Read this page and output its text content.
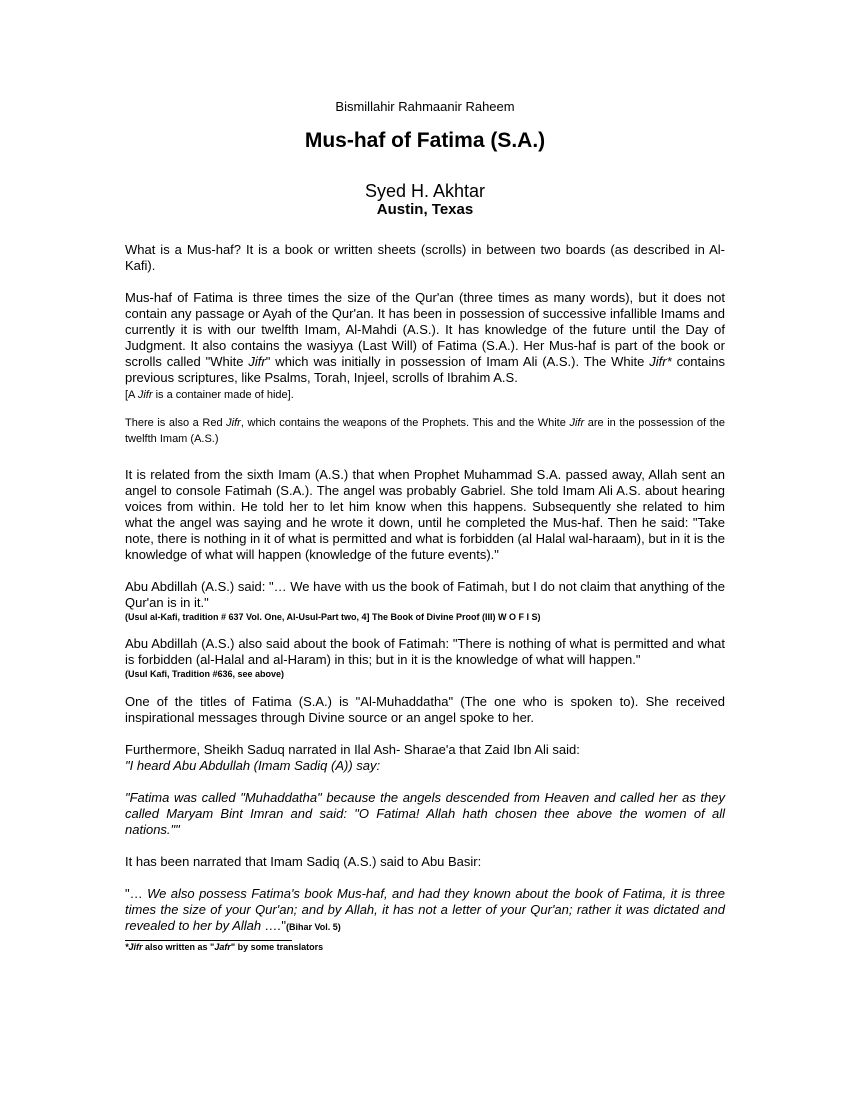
Bismillahir Rahmaanir Raheem
Mus-haf of Fatima (S.A.)
Syed H. Akhtar
Austin, Texas

What is a Mus-haf? It is a book or written sheets (scrolls) in between two boards (as described in Al-Kafi).

Mus-haf of Fatima is three times the size of the Qur'an (three times as many words), but it does not contain any passage or Ayah of the Qur'an. It has been in possession of successive infallible Imams and currently it is with our twelfth Imam, Al-Mahdi (A.S.). It has knowledge of the future until the Day of Judgment. It also contains the wasiyya (Last Will) of Fatima (S.A.). Her Mus-haf is part of the book or scrolls called "White Jifr" which was initially in possession of Imam Ali (A.S.). The White Jifr* contains previous scriptures, like Psalms, Torah, Injeel, scrolls of Ibrahim A.S.
[A Jifr is a container made of hide].

There is also a Red Jifr, which contains the weapons of the Prophets. This and the White Jifr are in the possession of the twelfth Imam (A.S.)

It is related from the sixth Imam (A.S.) that when Prophet Muhammad S.A. passed away, Allah sent an angel to console Fatimah (S.A.). The angel was probably Gabriel. She told Imam Ali A.S. about hearing voices from within. He told her to let him know when this happens. Subsequently she related to him what the angel was saying and he wrote it down, until he completed the Mus-haf. Then he said: "Take note, there is nothing in it of what is permitted and what is forbidden (al Halal wal-haraam), but in it is the knowledge of what will happen (knowledge of the future events)."

Abu Abdillah (A.S.) said: "… We have with us the book of Fatimah, but I do not claim that anything of the Qur'an is in it."

(Usul al-Kafi, tradition # 637 Vol. One, Al-Usul-Part two, 4] The Book of Divine Proof (III) W O F I S)

Abu Abdillah (A.S.) also said about the book of Fatimah: "There is nothing of what is permitted and what is forbidden (al-Halal and al-Haram) in this; but in it is the knowledge of what will happen."

(Usul Kafi, Tradition #636, see above)

One of the titles of Fatima (S.A.) is "Al-Muhaddatha" (The one who is spoken to). She received inspirational messages through Divine source or an angel spoke to her.

Furthermore, Sheikh Saduq narrated in Ilal Ash- Sharae'a that Zaid Ibn Ali said:

"I heard Abu Abdullah (Imam Sadiq (A)) say:

"Fatima was called "Muhaddatha" because the angels descended from Heaven and called her as they called Maryam Bint Imran and said: "O Fatima! Allah hath chosen thee above the women of all nations.""

It has been narrated that Imam Sadiq (A.S.) said to Abu Basir:

"… We also possess Fatima's book Mus-haf, and had they known about the book of Fatima, it is three times the size of your Qur'an; and by Allah, it has not a letter of your Qur'an; rather it was dictated and revealed to her by Allah …."(Bihar Vol. 5)

*Jifr also written as "Jafr" by some translators
